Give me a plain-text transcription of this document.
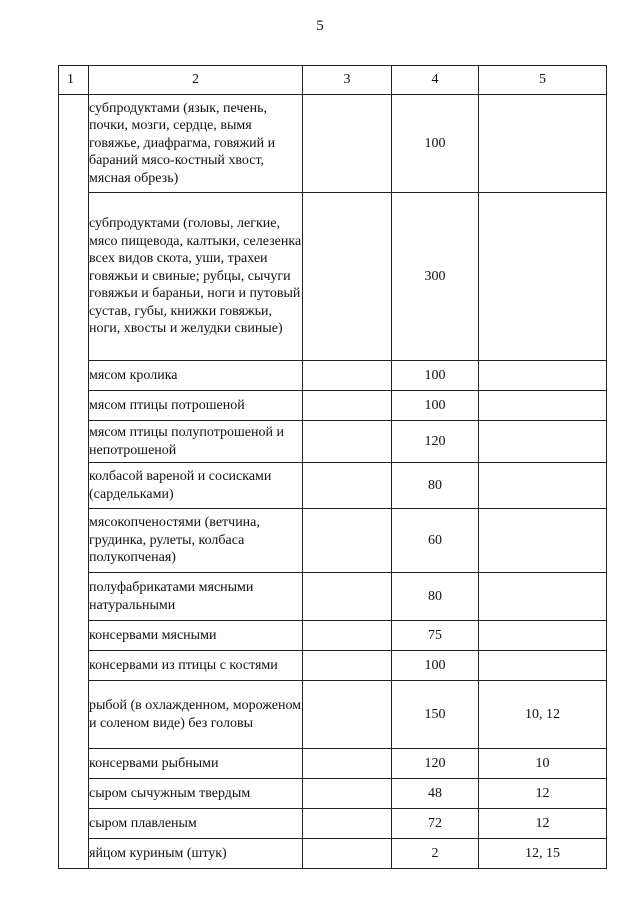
5
1	2	3	4	5
	субпродуктами (язык, печень, почки, мозги, сердце, вымя говяжье, диафрагма, говяжий и бараний мясо-костный хвост, мясная обрезь)		100	
	субпродуктами (головы, легкие, мясо пищевода, калтыки, селезенка всех видов скота, уши, трахеи говяжьи и свиные; рубцы, сычуги говяжьи и бараньи, ноги и путовый сустав, губы, книжки говяжьи, ноги, хвосты и желудки свиные)		300	
	мясом кролика		100	
	мясом птицы потрошеной		100	
	мясом птицы полупотрошеной и непотрошеной		120	
	колбасой вареной и сосисками (сардельками)		80	
	мясокопченостями (ветчина, грудинка, рулеты, колбаса полукопченая)		60	
	полуфабрикатами мясными натуральными		80	
	консервами мясными		75	
	консервами из птицы с костями		100	
	рыбой (в охлажденном, мороженом и соленом виде) без головы		150	10, 12
	консервами рыбными		120	10
	сыром сычужным твердым		48	12
	сыром плавленым		72	12
	яйцом куриным (штук)		2	12, 15
